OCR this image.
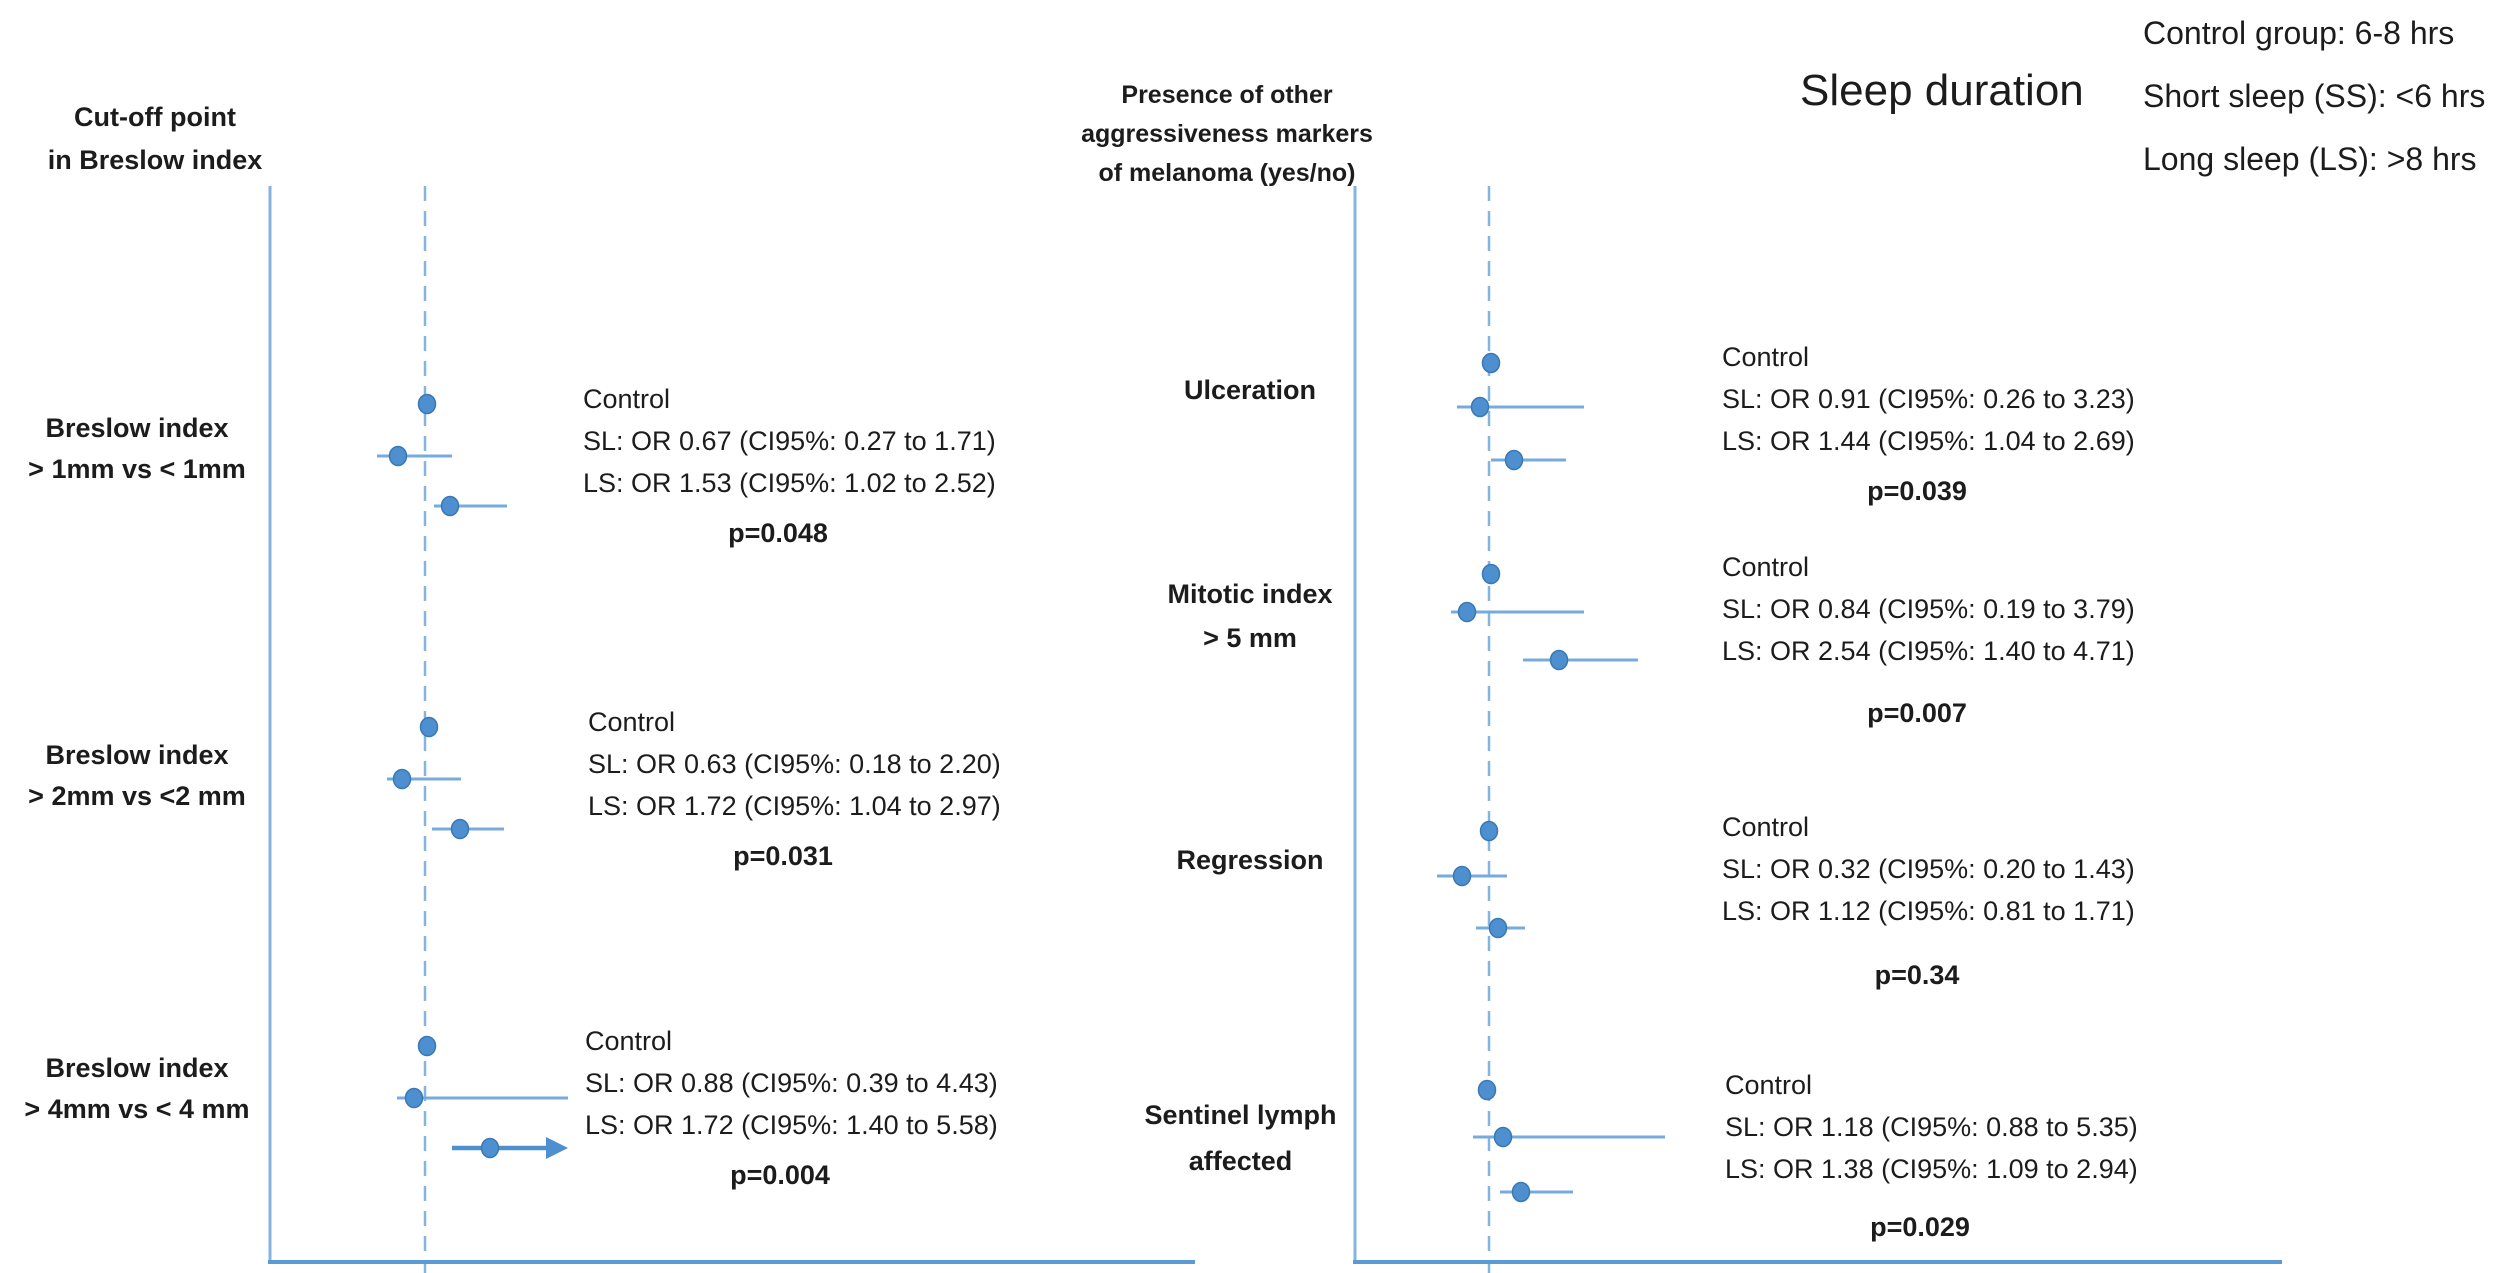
Sleep duration
Control group: 6-8 hrs
Short sleep (SS): <6 hrs
Long sleep (LS): >8 hrs
Cut-off point
in Breslow index
Breslow index
> 1mm vs < 1mm
Control
SL: OR 0.67 (CI95%: 0.27 to 1.71)
LS: OR 1.53 (CI95%: 1.02 to 2.52)
p=0.048
Breslow index
> 2mm vs <2 mm
Control
SL: OR 0.63 (CI95%: 0.18 to 2.20)
LS: OR 1.72 (CI95%: 1.04 to 2.97)
p=0.031
Breslow index
> 4mm vs < 4 mm
Control
SL: OR 0.88 (CI95%: 0.39 to 4.43)
LS: OR 1.72 (CI95%: 1.40 to 5.58)
p=0.004
Presence of other
aggressiveness markers
of melanoma (yes/no)
Ulceration
Control
SL: OR 0.91 (CI95%: 0.26 to 3.23)
LS: OR 1.44 (CI95%: 1.04 to 2.69)
p=0.039
Mitotic index
> 5 mm
Control
SL: OR 0.84 (CI95%: 0.19 to 3.79)
LS: OR 2.54 (CI95%: 1.40 to 4.71)
p=0.007
Regression
Control
SL: OR 0.32 (CI95%: 0.20 to 1.43)
LS: OR 1.12 (CI95%: 0.81 to 1.71)
p=0.34
Sentinel lymph
affected
Control
SL: OR 1.18 (CI95%: 0.88 to 5.35)
LS: OR 1.38 (CI95%: 1.09 to 2.94)
p=0.029
